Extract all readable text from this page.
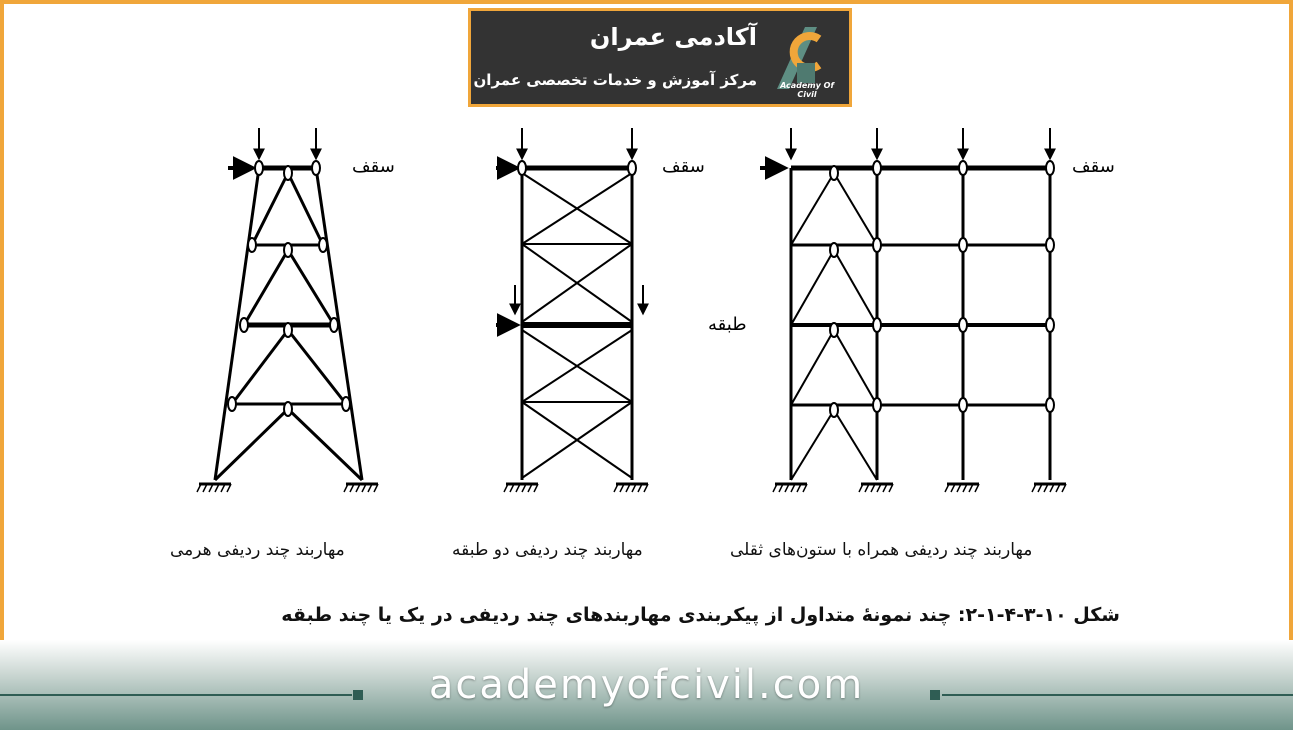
آکادمی عمران
مرکز آموزش و خدمات تخصصی عمران	Academy Of Civil
سقف	سقف	سقف
طبقه
مهاربند چند ردیفی هرمی	مهاربند چند ردیفی دو طبقه	مهاربند چند ردیفی همراه با ستون‌های ثقلی
شکل ۱۰-۳-۴-۱-۲: چند نمونهٔ متداول از پیکربندی مهاربندهای چند ردیفی در یک یا چند طبقه
academyofcivil.com
